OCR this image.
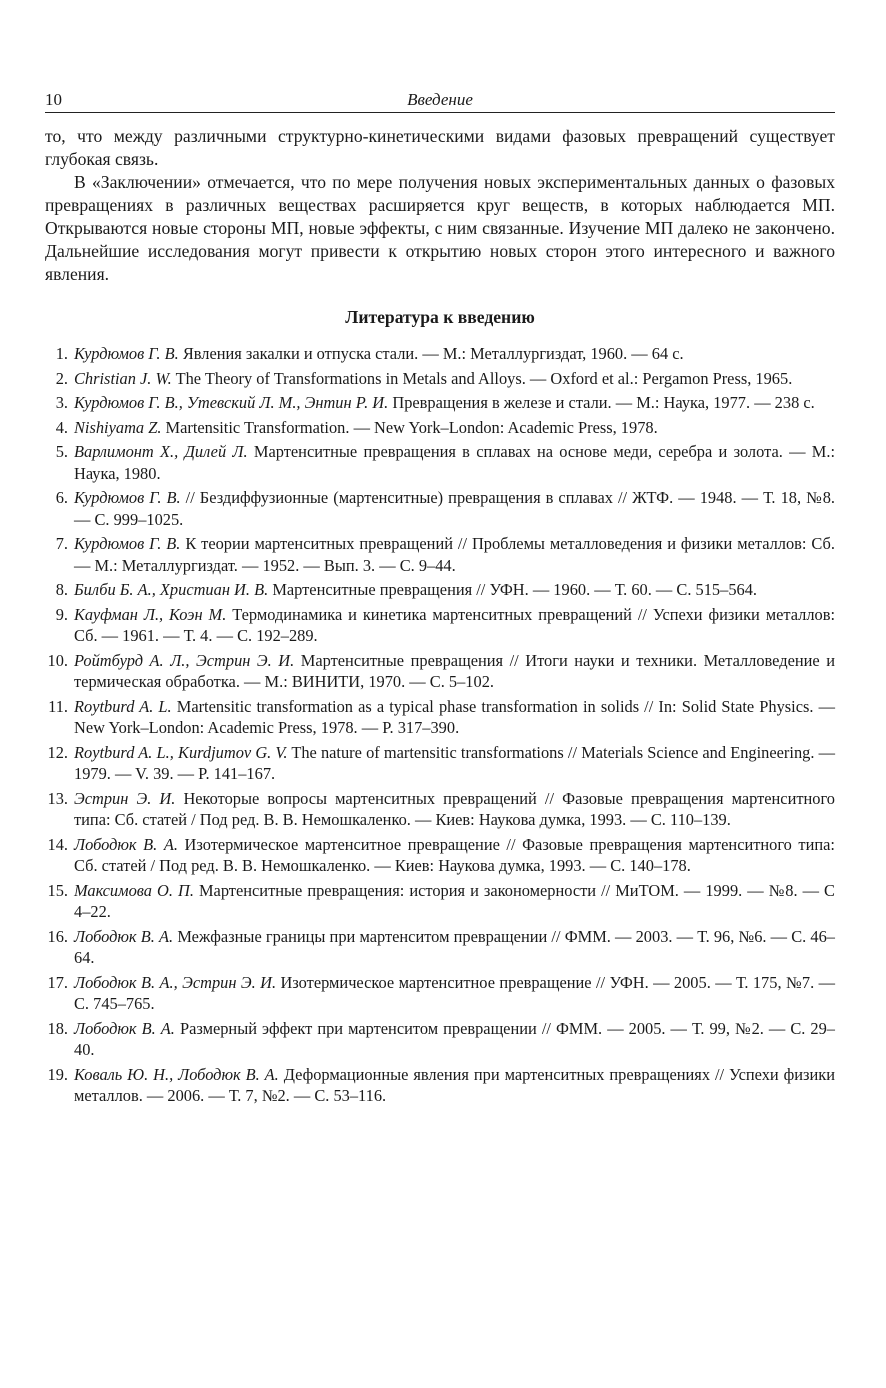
10	Введение

то, что между различными структурно-кинетическими видами фазовых превращений существует глубокая связь.

В «Заключении» отмечается, что по мере получения новых экспериментальных данных о фазовых превращениях в различных веществах расширяется круг веществ, в которых наблюдается МП. Открываются новые стороны МП, новые эффекты, с ним связанные. Изучение МП далеко не закончено. Дальнейшие исследования могут привести к открытию новых сторон этого интересного и важного явления.

Литература к введению
1. Курдюмов Г. В. Явления закалки и отпуска стали. — М.: Металлургиздат, 1960. — 64 с.
2. Christian J. W. The Theory of Transformations in Metals and Alloys. — Oxford et al.: Pergamon Press, 1965.
3. Курдюмов Г. В., Утевский Л. М., Энтин Р. И. Превращения в железе и стали. — М.: Наука, 1977. — 238 с.
4. Nishiyama Z. Martensitic Transformation. — New York–London: Academic Press, 1978.
5. Варлимонт Х., Дилей Л. Мартенситные превращения в сплавах на основе меди, серебра и золота. — М.: Наука, 1980.
6. Курдюмов Г. В. // Бездиффузионные (мартенситные) превращения в сплавах // ЖТФ. — 1948. — Т. 18, №8. — С. 999–1025.
7. Курдюмов Г. В. К теории мартенситных превращений // Проблемы металловедения и физики металлов: Сб. — М.: Металлургиздат. — 1952. — Вып. 3. — С. 9–44.
8. Билби Б. А., Христиан И. В. Мартенситные превращения // УФН. — 1960. — Т. 60. — С. 515–564.
9. Кауфман Л., Коэн М. Термодинамика и кинетика мартенситных превращений // Успехи физики металлов: Сб. — 1961. — Т. 4. — С. 192–289.
10. Ройтбурд А. Л., Эстрин Э. И. Мартенситные превращения // Итоги науки и техники. Металловедение и термическая обработка. — М.: ВИНИТИ, 1970. — С. 5–102.
11. Roytburd A. L. Martensitic transformation as a typical phase transformation in solids // In: Solid State Physics. — New York–London: Academic Press, 1978. — P. 317–390.
12. Roytburd A. L., Kurdjumov G. V. The nature of martensitic transformations // Materials Science and Engineering. — 1979. — V. 39. — P. 141–167.
13. Эстрин Э. И. Некоторые вопросы мартенситных превращений // Фазовые превращения мартенситного типа: Сб. статей / Под ред. В. В. Немошкаленко. — Киев: Наукова думка, 1993. — С. 110–139.
14. Лободюк В. А. Изотермическое мартенситное превращение // Фазовые превращения мартенситного типа: Сб. статей / Под ред. В. В. Немошкаленко. — Киев: Наукова думка, 1993. — С. 140–178.
15. Максимова О. П. Мартенситные превращения: история и закономерности // МиТОМ. — 1999. — №8. — С 4–22.
16. Лободюк В. А. Межфазные границы при мартенситом превращении // ФММ. — 2003. — Т. 96, №6. — С. 46–64.
17. Лободюк В. А., Эстрин Э. И. Изотермическое мартенситное превращение // УФН. — 2005. — Т. 175, №7. — С. 745–765.
18. Лободюк В. А. Размерный эффект при мартенситом превращении // ФММ. — 2005. — Т. 99, №2. — С. 29–40.
19. Коваль Ю. Н., Лободюк В. А. Деформационные явления при мартенситных превращениях // Успехи физики металлов. — 2006. — Т. 7, №2. — С. 53–116.
